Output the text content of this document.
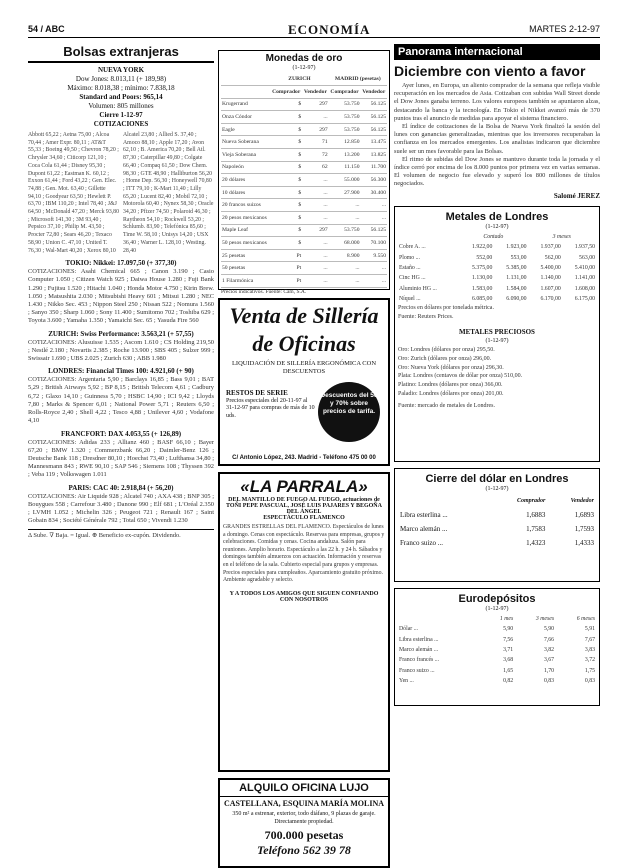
54 / ABC	ECONOMÍA	MARTES 2-12-97
Bolsas extranjeras
NUEVA YORK
Dow Jones: 8.013,11 (+ 189,98)
Máximo: 8.018,38 ; mínimo: 7.838,18
Standard and Poors: 965,14
Volumen: 805 millones
Cierre 1-12-97
COTIZACIONES
Abbott 65,22 ; Aetna 75,00 ; Alcoa 70,44 ; Amer Expr. 80,11 ; AT&T 55,33 ; Boeing 49,50 ; Chevron 78,20 ; Chrysler 34,60 ; Citicorp 121,10 ; Coca Cola 61,44 ; Disney 95,30 ; Dupont 61,22 ; Eastman K. 60,12 ; Exxon 61,44 ; Ford 43,22 ; Gen. Elec. 74,88 ; Gen. Mot. 63,40 ; Gillette 94,10 ; Goodyear 63,50 ; Hewlett P. 63,70 ; IBM 110,20 ; Intel 78,40 ; J&J 64,50 ; McDonald 47,20 ; Merck 93,80 ; Microsoft 141,30 ; 3M 93,40 ; Pepsico 37,10 ; Philip M. 43,50 ; Procter 72,80 ; Sears 46,20 ; Texaco 58,90 ; Union C. 47,10 ; United T. 76,30 ; Wal-Mart 40,20 ; Xerox 80,10
Alcatel 23,80 ; Allied S. 37,40 ; Amoco 88,10 ; Apple 17,20 ; Avon 62,10 ; B. America 70,20 ; Bell Atl. 87,30 ; Caterpillar 49,80 ; Colgate 66,40 ; Compaq 61,50 ; Dow Chem. 98,30 ; GTE 48,90 ; Halliburton 56,20 ; Home Dep. 56,30 ; Honeywell 70,80 ; ITT 79,10 ; K-Mart 11,40 ; Lilly 65,20 ; Lucent 82,40 ; Mobil 72,10 ; Motorola 60,40 ; Nynex 58,30 ; Oracle 34,20 ; Pfizer 74,50 ; Polaroid 46,30 ; Raytheon 54,10 ; Rockwell 53,20 ; Schlumb. 83,90 ; Telefónica 85,60 ; Time W. 58,10 ; Unisys 14,20 ; USX 36,40 ; Warner L. 128,10 ; Westing. 28,40
TOKIO: Nikkei: 17.097,50 (+ 377,30)
COTIZACIONES: Asahi Chemical 665 ; Canon 3.190 ; Casio Computer 1.050 ; Citizen Watch 925 ; Daiwa House 1.280 ; Fuji Bank 1.290 ; Fujitsu 1.520 ; Hitachi 1.040 ; Honda Motor 4.750 ; Kirin Brew. 1.050 ; Matsushita 2.030 ; Mitsubishi Heavy 601 ; Mitsui 1.280 ; NEC 1.430 ; Nikko Sec. 453 ; Nippon Steel 250 ; Nissan 522 ; Nomura 1.560 ; Sanyo 350 ; Sharp 1.060 ; Sony 11.400 ; Sumitomo 702 ; Toshiba 629 ; Toyota 3.600 ; Yamaha 1.350 ; Yamaichi Sec. 65 ; Yasuda Fire 560
ZURICH: Swiss Performance: 3.563,21 (+ 57,55)
COTIZACIONES: Alusuisse 1.535 ; Ascom 1.610 ; CS Holding 219,50 ; Nestlé 2.180 ; Novartis 2.385 ; Roche 13.900 ; SBS 405 ; Sulzer 999 ; Swissair 1.690 ; UBS 2.025 ; Zurich 630 ; ABB 1.980
LONDRES: Financial Times 100: 4.921,60 (+ 90)
COTIZACIONES: Argentaria 5,90 ; Barclays 16,85 ; Bass 9,01 ; BAT 5,29 ; British Airways 5,92 ; BP 8,15 ; British Telecom 4,61 ; Cadbury 6,72 ; Glaxo 14,10 ; Guinness 5,70 ; HSBC 14,90 ; ICI 9,42 ; Lloyds 7,80 ; Marks & Spencer 6,01 ; National Power 5,71 ; Reuters 6,50 ; Rolls-Royce 2,40 ; Shell 4,22 ; Tesco 4,88 ; Unilever 4,60 ; Vodafone 4,10
FRANCFORT: DAX 4.053,55 (+ 126,89)
COTIZACIONES: Adidas 233 ; Allianz 460 ; BASF 66,10 ; Bayer 67,20 ; BMW 1.320 ; Commerzbank 66,20 ; Daimler-Benz 126 ; Deutsche Bank 118 ; Dresdner 80,10 ; Hoechst 73,40 ; Lufthansa 34,80 ; Mannesmann 843 ; RWE 90,10 ; SAP 546 ; Siemens 108 ; Thyssen 392 ; Veba 119 ; Volkswagen 1.011
PARIS: CAC 40: 2.918,84 (+ 56,20)
COTIZACIONES: Air Liquide 928 ; Alcatel 740 ; AXA 438 ; BNP 305 ; Bouygues 558 ; Carrefour 3.480 ; Danone 990 ; Elf 681 ; L'Oréal 2.350 ; LVMH 1.052 ; Michelin 326 ; Peugeot 721 ; Renault 167 ; Saint Gobain 834 ; Société Générale 792 ; Total 650 ; Vivendi 1.230
Δ Sube. ∇ Baja. = Igual. ⊕ Beneficio ex-cupón. Dividendo.
Monedas de oro
(1-12-97)
	ZURICH		MADRID (pesetas)	
	Comprador	Vendedor	Comprador	Vendedor
Krugerrand	$	297	53.750	56.125
Onza Cóndor	$	...	53.750	56.125
Eagle	$	297	53.750	56.125
Nueva Soberana	$	71	12.850	13.475
Vieja Soberana	$	72	13.200	13.825
Napoleón	$	62	11.150	11.700
20 dólares	$	...	55.000	56.300
10 dólares	$	...	27.900	30.400
20 francos suizos	$	...	...	...
20 pesos mexicanos	$	...	...	...
Maple Leaf	$	297	53.750	56.125
50 pesos mexicanos	$	...	68.000	70.100
25 pesetas	Pt	...	8.900	9.550
50 pesetas	Pt	...	...	...
1 Filarmónica	Pt	...	...	...
Precios indicativos. Fuente: Cam, S.A.
Venta de Sillería
de Oficinas
LIQUIDACIÓN DE SILLERÍA ERGONÓMICA CON DESCUENTOS
RESTOS DE SERIE
Precios especiales del 20-11-97 al 31-12-97 para compras de más de 10 uds.
Descuentos del 50 y 70% sobre precios de tarifa.
C/ Antonio López, 243. Madrid - Teléfono 475 00 00
«LA PARRALA»
DEL MANTILLO DE FUEGO AL FUEGO, actuaciones de
TOÑI PEPE PASCUAL, JOSÉ LUIS PAJARES Y BEGOÑA DEL ÁNGEL
ESPECTÁCULO FLAMENCO
GRANDES ESTRELLAS DEL FLAMENCO. Espectáculos de lunes a domingo. Cenas con espectáculo. Reservas para empresas, grupos y celebraciones. Comidas y cenas. Cocina andaluza. Salón para reuniones. Amplio horario. Espectáculo a las 22 h. y 24 h. Sábados y domingos también almuerzos con actuación. Información y reservas en el teléfono de la sala. Cubierto especial para grupos y empresas. Precios especiales para cumpleaños. Aparcamiento gratuito próximo. Ambiente agradable y selecto.
Y A TODOS LOS AMIGOS QUE SIGUEN CONFIANDO CON NOSOTROS
ALQUILO OFICINA LUJO
CASTELLANA, ESQUINA MARÍA MOLINA
350 m² a estrenar, exterior, todo diáfano, 9 plazas de garaje. Directamente propiedad.
700.000 pesetas
Teléfono 562 39 78
Panorama internacional
Diciembre con viento a favor
Ayer lunes, en Europa, un aliento comprador de la semana que refleja visible recuperación en los mercados de Asia. Cotizaban con subidas Wall Street donde el Dow Jones ganaba terreno. Los valores europeos también se apuntaron alzas, destacando la banca y la tecnología. En Tokio el Nikkei avanzó más de 370 puntos tras el anuncio de medidas para apoyar el sistema financiero.
El índice de cotizaciones de la Bolsa de Nueva York finalizó la sesión del lunes con ganancias generalizadas, mientras que los inversores recuperaban la confianza en los mercados emergentes. Los analistas indicaron que diciembre suele ser un mes favorable para las Bolsas.
El ritmo de subidas del Dow Jones se mantuvo durante toda la jornada y el índice cerró por encima de los 8.000 puntos por primera vez en varias semanas. El volumen de negocio fue elevado y superó los 800 millones de títulos negociados.
Salomé JEREZ
Metales de Londres
(1-12-97)
	Contado		3 meses	
Cobre A. ...	1.922,00	1.923,00	1.937,00	1.937,50
Plomo ...	552,00	553,00	562,00	563,00
Estaño ...	5.375,00	5.385,00	5.400,00	5.410,00
Cinc HG ...	1.130,00	1.131,00	1.140,00	1.141,00
Aluminio HG ...	1.583,00	1.584,00	1.607,00	1.608,00
Níquel ...	6.085,00	6.090,00	6.170,00	6.175,00
Precios en dólares por tonelada métrica.
Fuente: Reuters Prices.
METALES PRECIOSOS
(1-12-97)
Oro: Londres (dólares por onza) 295,50.
Oro: Zurich (dólares por onza) 296,00.
Oro: Nueva York (dólares por onza) 296,30.
Plata: Londres (centavos de dólar por onza) 510,00.
Platino: Londres (dólares por onza) 366,00.
Paladio: Londres (dólares por onza) 201,00.
Fuente: mercado de metales de Londres.
Cierre del dólar en Londres
(1-12-97)
	Comprador	Vendedor
Libra esterlina ...	1,6883	1,6893
Marco alemán ...	1,7583	1,7593
Franco suizo ...	1,4323	1,4333
Eurodepósitos
(1-12-97)
	1 mes	3 meses	6 meses
Dólar ...	5,90	5,90	5,91
Libra esterlina ...	7,56	7,66	7,67
Marco alemán ...	3,71	3,82	3,83
Franco francés ...	3,68	3,67	3,72
Franco suizo ...	1,65	1,70	1,75
Yen ...	0,82	0,83	0,83
